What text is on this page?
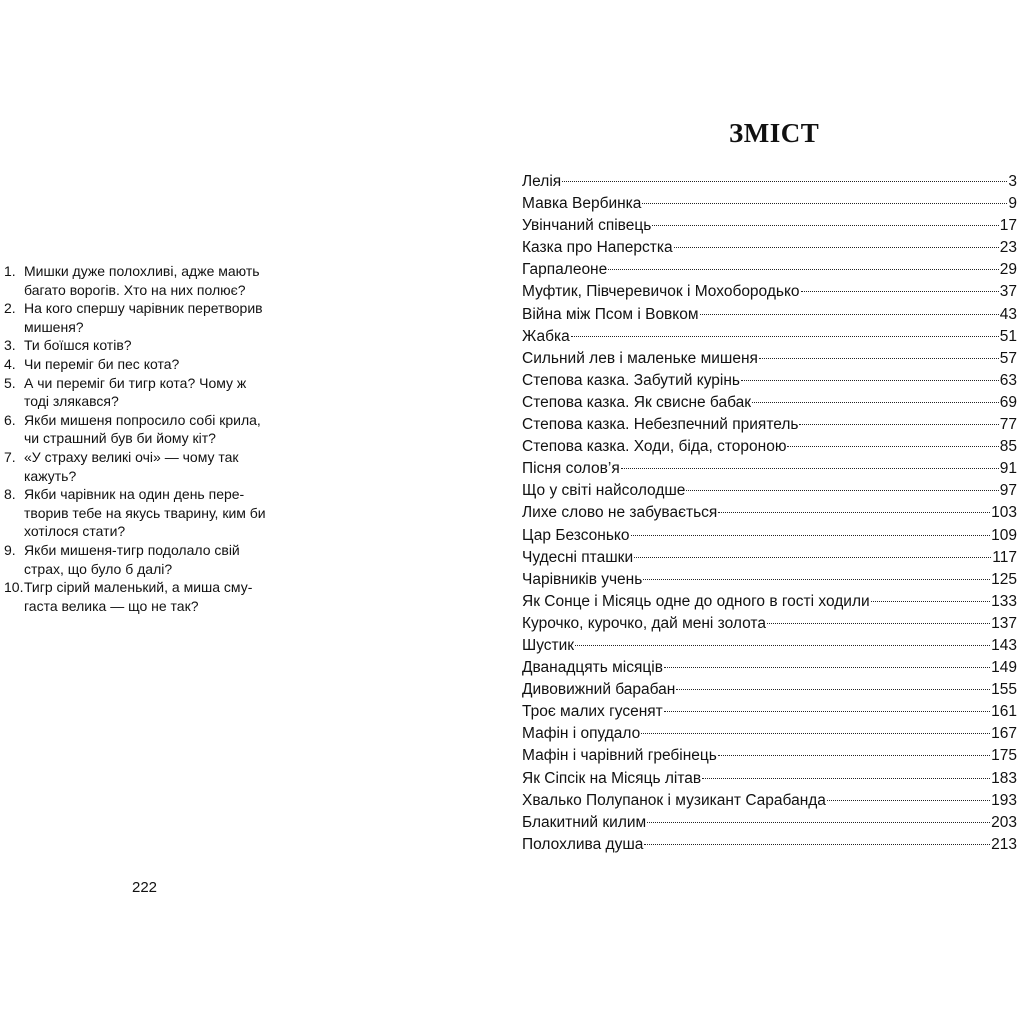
1. Мишки дуже полохливі, адже мають
багато ворогів. Хто на них полює?
2. На кого спершу чарівник перетворив
мишеня?
3. Ти боїшся котів?
4. Чи переміг би пес кота?
5. А чи переміг би тигр кота? Чому ж
тоді злякався?
6. Якби мишеня попросило собі крила,
чи страшний був би йому кіт?
7. «У страху великі очі» — чому так
кажуть?
8. Якби чарівник на один день пере-
творив тебе на якусь тварину, ким би
хотілося стати?
9. Якби мишеня-тигр подолало свій
страх, що було б далі?
10. Тигр сірий маленький, а миша сму-
гаста велика — що не так?
222
ЗМІСТ
Лелія	3
Мавка Вербинка	9
Увінчаний співець	17
Казка про Наперстка	23
Гарпалеоне	29
Муфтик, Півчеревичок і Мохобородько	37
Війна між Псом і Вовком	43
Жабка	51
Сильний лев і маленьке мишеня	57
Степова казка. Забутий курінь	63
Степова казка. Як свисне бабак	69
Степова казка. Небезпечний приятель	77
Степова казка. Ходи, біда, стороною	85
Пісня солов’я	91
Що у світі найсолодше	97
Лихе слово не забувається	103
Цар Безсонько	109
Чудесні пташки	117
Чарівників учень	125
Як Сонце і Місяць одне до одного в гості ходили	133
Курочко, курочко, дай мені золота	137
Шустик	143
Дванадцять місяців	149
Дивовижний барабан	155
Троє малих гусенят	161
Мафін і опудало	167
Мафін і чарівний гребінець	175
Як Сіпсік на Місяць літав	183
Хвалько Полупанок і музикант Сарабанда	193
Блакитний килим	203
Полохлива душа	213
